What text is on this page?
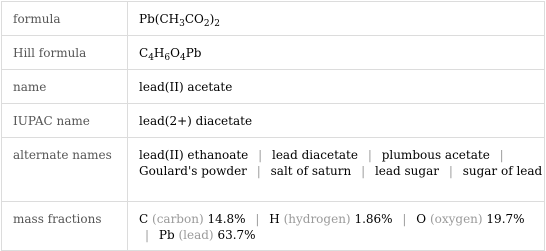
formula	$Pb(CH_3CO_2)_2$

Hill formula	$C_4H_6O_4Pb$

name	lead(II) acetate

IUPAC name	lead(2+) diacetate

alternate names	lead(II) ethanoate | lead diacetate | plumbous acetate | Goulard's powder | salt of saturn | lead sugar | sugar of lead

mass fractions	C (carbon) 14.8% | H (hydrogen) 1.86% | O (oxygen) 19.7% | Pb (lead) 63.7%
